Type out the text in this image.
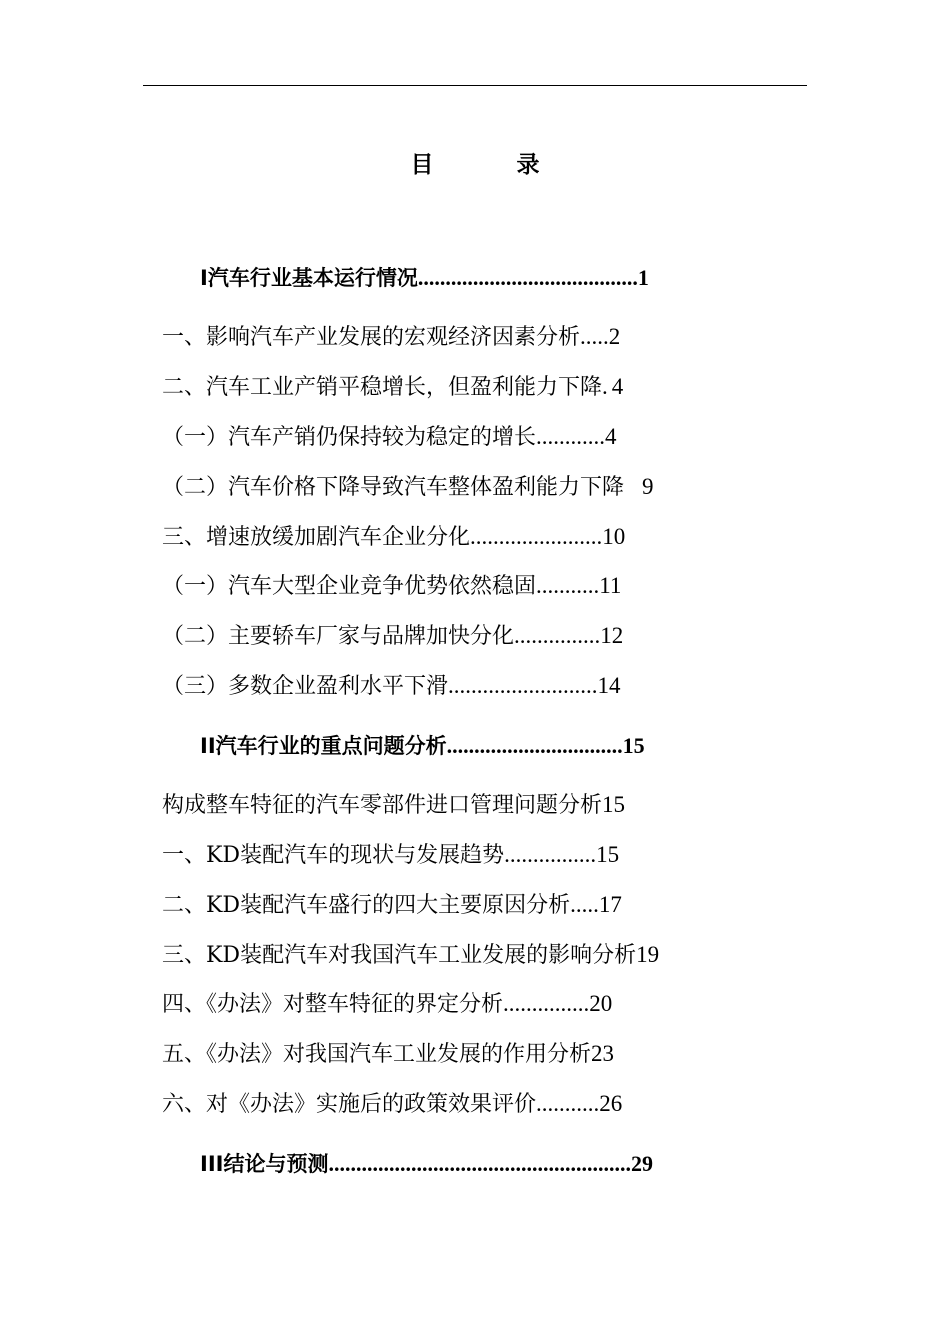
目　录
Ⅰ汽车行业基本运行情况 ........................................ 1
一、影响汽车产业发展的宏观经济因素分析 ..... 2
二、汽车工业产销平稳增长，但盈利能力下降 . 4
（一）汽车产销仍保持较为稳定的增长 ............ 4
（二）汽车价格下降导致汽车整体盈利能力下降 9
三、增速放缓加剧汽车企业分化 ....................... 10
（一）汽车大型企业竞争优势依然稳固 ........... 11
（二）主要轿车厂家与品牌加快分化 ............... 12
（三）多数企业盈利水平下滑 .......................... 14
ⅠⅠ汽车行业的重点问题分析 ................................ 15
构成整车特征的汽车零部件进口管理问题分析 15
一、KD装配汽车的现状与发展趋势 ................ 15
二、KD装配汽车盛行的四大主要原因分析 ..... 17
三、KD装配汽车对我国汽车工业发展的影响分析 19
四、《办法》对整车特征的界定分析 ............... 20
五、《办法》对我国汽车工业发展的作用分析 23
六、对《办法》实施后的政策效果评价 ........... 26
ⅠⅠⅠ结论与预测 ....................................................... 29
